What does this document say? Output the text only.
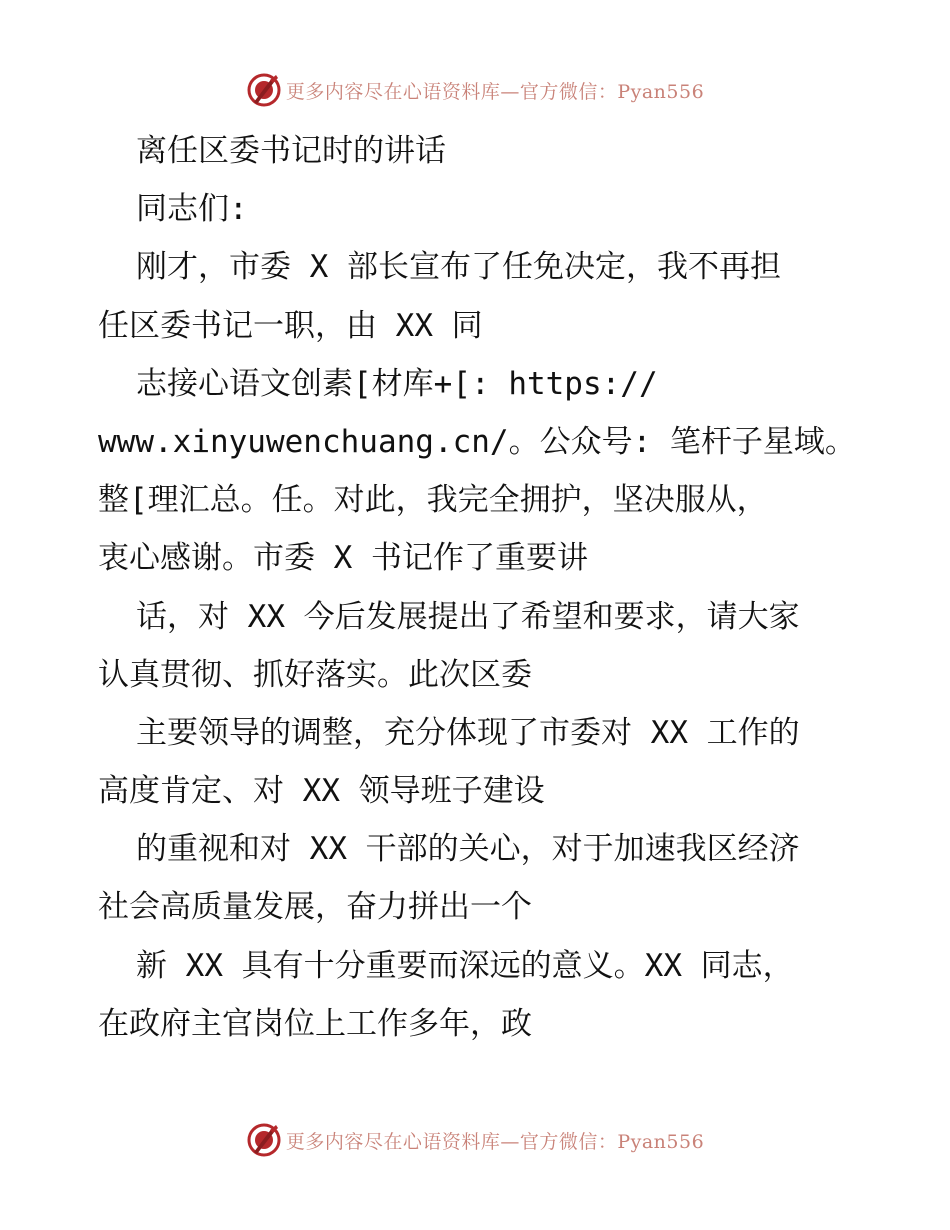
更多内容尽在心语资料库—官方微信：Pyan556
离任区委书记时的讲话
同志们:
刚才，市委 X 部长宣布了任免决定，我不再担
任区委书记一职，由 XX 同
志接心语文创素[材库+[: https://
www.xinyuwenchuang.cn/。公众号: 笔杆子星域。
整[理汇总。任。对此，我完全拥护，坚决服从，
衷心感谢。市委 X 书记作了重要讲
话，对 XX 今后发展提出了希望和要求，请大家
认真贯彻、抓好落实。此次区委
主要领导的调整，充分体现了市委对 XX 工作的
高度肯定、对 XX 领导班子建设
的重视和对 XX 干部的关心，对于加速我区经济
社会高质量发展，奋力拼出一个
新 XX 具有十分重要而深远的意义。XX 同志，
在政府主官岗位上工作多年，政
更多内容尽在心语资料库—官方微信：Pyan556
